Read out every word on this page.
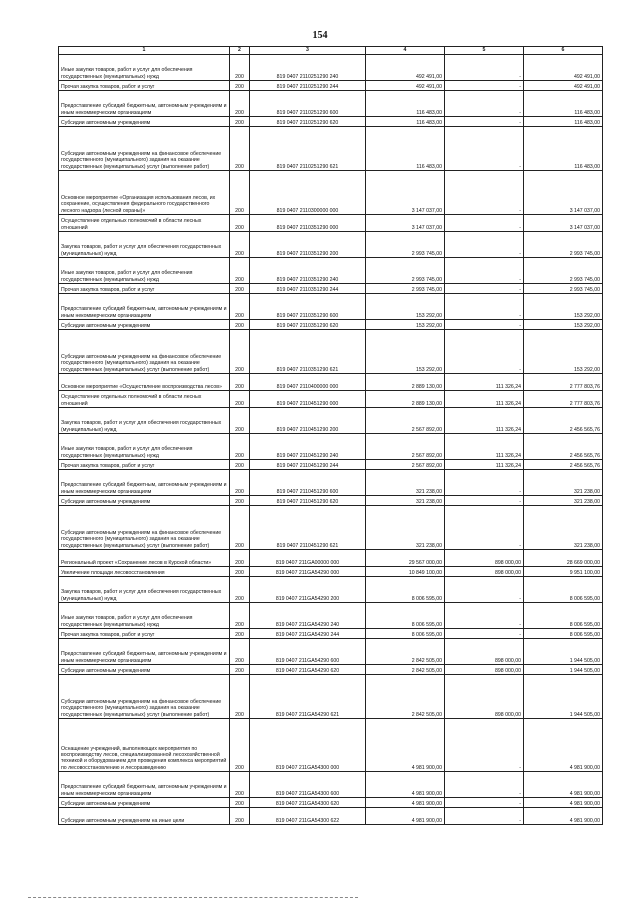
154
1	2	3	4	5	6
Иные закупки товаров, работ и услуг для обеспечения государственных (муниципальных) нужд	200	819 0407 2110251290 240	492 491,00	-	492 491,00
Прочая закупка товаров, работ и услуг	200	819 0407 2110251290 244	492 491,00	-	492 491,00
Предоставление субсидий бюджетным, автономным учреждениям и иным некоммерческим организациям	200	819 0407 2110251290 600	116 483,00	-	116 483,00
Субсидии автономным учреждениям	200	819 0407 2110251290 620	116 483,00	-	116 483,00
Субсидии автономным учреждениям на финансовое обеспечение государственного (муниципального) задания на оказание государственных (муниципальных) услуг (выполнение работ)	200	819 0407 2110251290 621	116 483,00	-	116 483,00
Основное мероприятие «Организация использования лесов, их сохранение, осуществления федерального государственного лесного надзора (лесной охраны)»	200	819 0407 2110300000 000	3 147 037,00	-	3 147 037,00
Осуществление отдельных полномочий в области лесных отношений	200	819 0407 2110351290 000	3 147 037,00	-	3 147 037,00
Закупка товаров, работ и услуг для обеспечения государственных (муниципальных) нужд	200	819 0407 2110351290 200	2 993 745,00	-	2 993 745,00
Иные закупки товаров, работ и услуг для обеспечения государственных (муниципальных) нужд	200	819 0407 2110351290 240	2 993 745,00	-	2 993 745,00
Прочая закупка товаров, работ и услуг	200	819 0407 2110351290 244	2 993 745,00	-	2 993 745,00
Предоставление субсидий бюджетным, автономным учреждениям и иным некоммерческим организациям	200	819 0407 2110351290 600	153 292,00	-	153 292,00
Субсидии автономным учреждениям	200	819 0407 2110351290 620	153 292,00	-	153 292,00
Субсидии автономным учреждениям на финансовое обеспечение государственного (муниципального) задания на оказание государственных (муниципальных) услуг (выполнение работ)	200	819 0407 2110351290 621	153 292,00	-	153 292,00
Основное мероприятие «Осуществление воспроизводства лесов»	200	819 0407 2110400000 000	2 889 130,00	111 326,24	2 777 803,76
Осуществление отдельных полномочий в области лесных отношений	200	819 0407 2110451290 000	2 889 130,00	111 326,24	2 777 803,76
Закупка товаров, работ и услуг для обеспечения государственных (муниципальных) нужд	200	819 0407 2110451290 200	2 567 892,00	111 326,24	2 456 565,76
Иные закупки товаров, работ и услуг для обеспечения государственных (муниципальных) нужд	200	819 0407 2110451290 240	2 567 892,00	111 326,24	2 456 565,76
Прочая закупка товаров, работ и услуг	200	819 0407 2110451290 244	2 567 892,00	111 326,24	2 456 565,76
Предоставление субсидий бюджетным, автономным учреждениям и иным некоммерческим организациям	200	819 0407 2110451290 600	321 238,00	-	321 238,00
Субсидии автономным учреждениям	200	819 0407 2110451290 620	321 238,00	-	321 238,00
Субсидии автономным учреждениям на финансовое обеспечение государственного (муниципального) задания на оказание государственных (муниципальных) услуг (выполнение работ)	200	819 0407 2110451290 621	321 238,00	-	321 238,00
Региональный проект «Сохранение лесов в Курской области»	200	819 0407 211GA00000 000	29 567 000,00	898 000,00	28 669 000,00
Увеличение площади лесовосстановления	200	819 0407 211GA54290 000	10 849 100,00	898 000,00	9 951 100,00
Закупка товаров, работ и услуг для обеспечения государственных (муниципальных) нужд	200	819 0407 211GA54290 200	8 006 595,00	-	8 006 595,00
Иные закупки товаров, работ и услуг для обеспечения государственных (муниципальных) нужд	200	819 0407 211GA54290 240	8 006 595,00	-	8 006 595,00
Прочая закупка товаров, работ и услуг	200	819 0407 211GA54290 244	8 006 595,00	-	8 006 595,00
Предоставление субсидий бюджетным, автономным учреждениям и иным некоммерческим организациям	200	819 0407 211GA54290 600	2 842 505,00	898 000,00	1 944 505,00
Субсидии автономным учреждениям	200	819 0407 211GA54290 620	2 842 505,00	898 000,00	1 944 505,00
Субсидии автономным учреждениям на финансовое обеспечение государственного (муниципального) задания на оказание государственных (муниципальных) услуг (выполнение работ)	200	819 0407 211GA54290 621	2 842 505,00	898 000,00	1 944 505,00
Оснащение учреждений, выполняющих мероприятия по воспроизводству лесов, специализированной лесохозяйственной техникой и оборудованием для проведения комплекса мероприятий по лесовосстановлению и лесоразведению	200	819 0407 211GA54300 000	4 981 900,00	-	4 981 900,00
Предоставление субсидий бюджетным, автономным учреждениям и иным некоммерческим организациям	200	819 0407 211GA54300 600	4 981 900,00	-	4 981 900,00
Субсидии автономным учреждениям	200	819 0407 211GA54300 620	4 981 900,00	-	4 981 900,00
Субсидии автономным учреждениям на иные цели	200	819 0407 211GA54300 622	4 981 900,00	-	4 981 900,00
